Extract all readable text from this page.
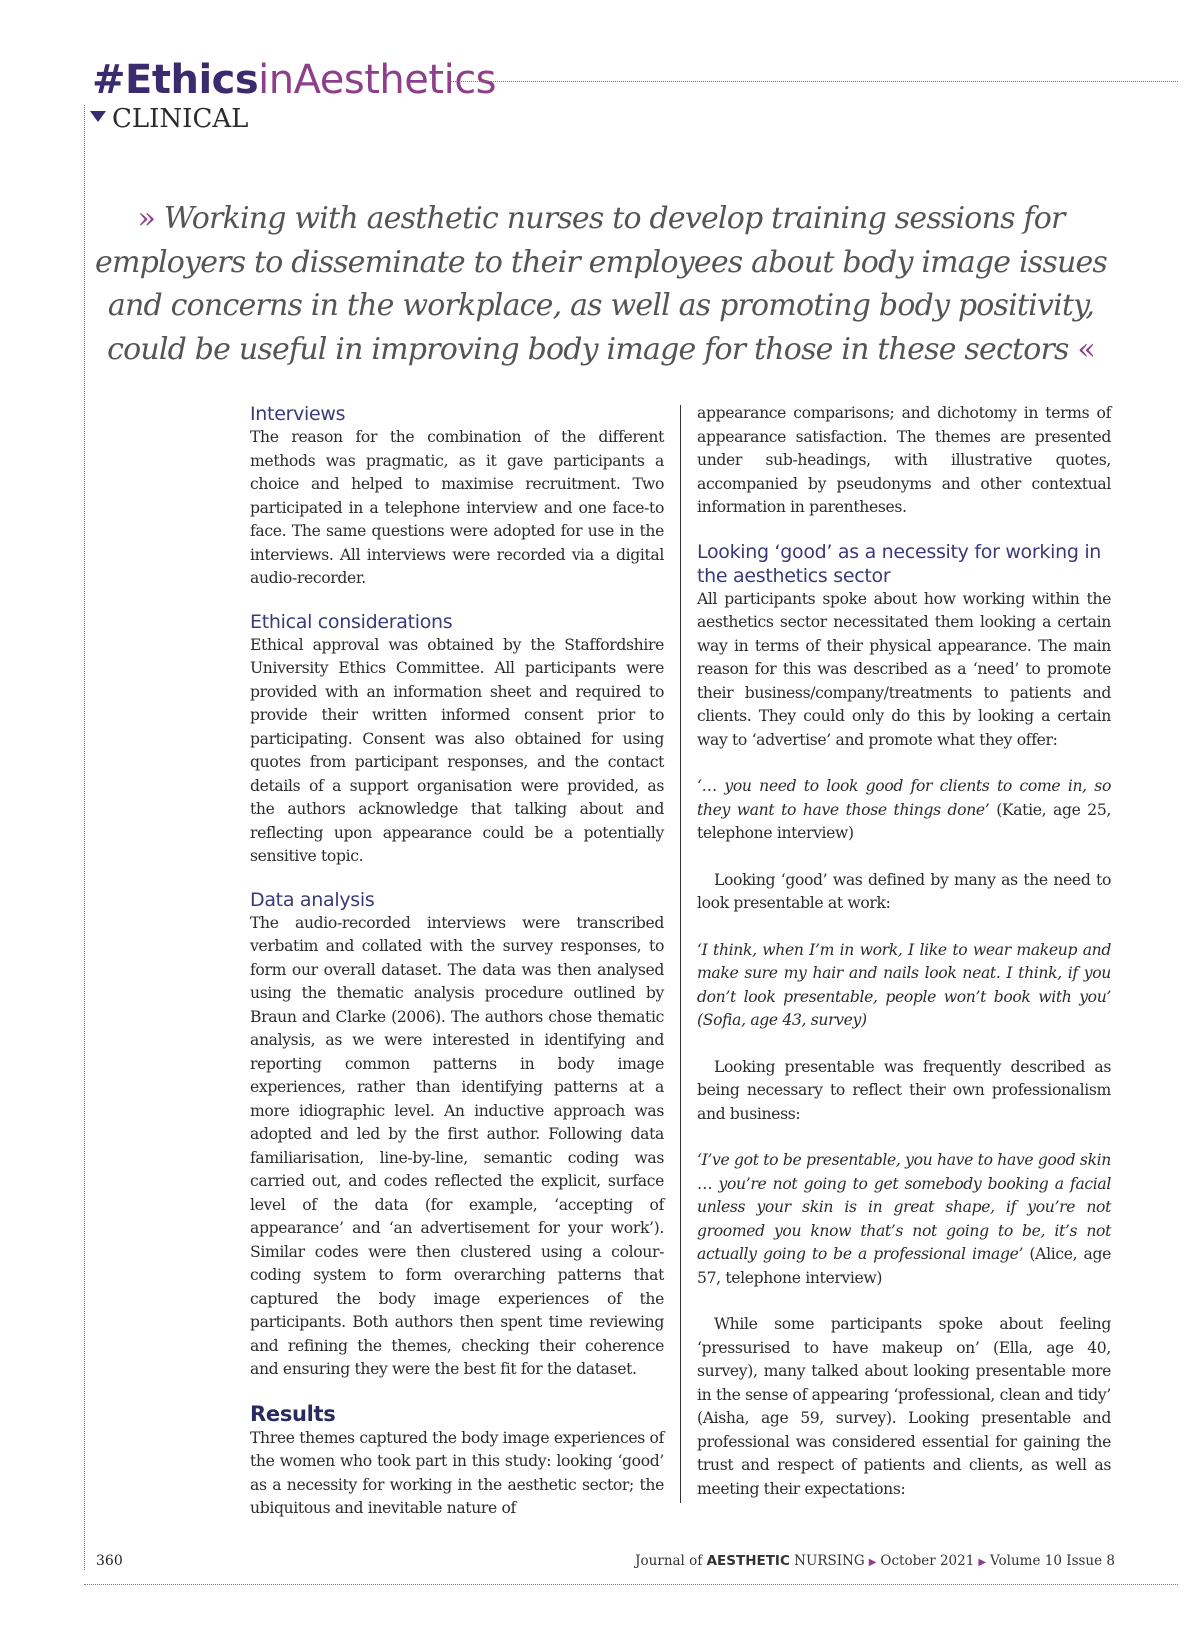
#EthicsinAesthetics
CLINICAL
» Working with aesthetic nurses to develop training sessions for employers to disseminate to their employees about body image issues and concerns in the workplace, as well as promoting body positivity, could be useful in improving body image for those in these sectors «
Interviews

The reason for the combination of the different methods was pragmatic, as it gave participants a choice and helped to maximise recruitment. Two participated in a telephone interview and one face-to face. The same questions were adopted for use in the interviews. All interviews were recorded via a digital audio-recorder.

Ethical considerations

Ethical approval was obtained by the Staffordshire University Ethics Committee. All participants were provided with an information sheet and required to provide their written informed consent prior to participating. Consent was also obtained for using quotes from participant responses, and the contact details of a support organisation were provided, as the authors acknowledge that talking about and reflecting upon appearance could be a potentially sensitive topic.

Data analysis

The audio-recorded interviews were transcribed verbatim and collated with the survey responses, to form our overall dataset. The data was then analysed using the thematic analysis procedure outlined by Braun and Clarke (2006). The authors chose thematic analysis, as we were interested in identifying and reporting common patterns in body image experiences, rather than identifying patterns at a more idiographic level. An inductive approach was adopted and led by the first author. Following data familiarisation, line-by-line, semantic coding was carried out, and codes reflected the explicit, surface level of the data (for example, ‘accepting of appearance’ and ‘an advertisement for your work’). Similar codes were then clustered using a colour-coding system to form overarching patterns that captured the body image experiences of the participants. Both authors then spent time reviewing and refining the themes, checking their coherence and ensuring they were the best fit for the dataset.

Results

Three themes captured the body image experiences of the women who took part in this study: looking ‘good’ as a necessity for working in the aesthetic sector; the ubiquitous and inevitable nature of

appearance comparisons; and dichotomy in terms of appearance satisfaction. The themes are presented under sub-headings, with illustrative quotes, accompanied by pseudonyms and other contextual information in parentheses.

Looking ‘good’ as a necessity for working in the aesthetics sector

All participants spoke about how working within the aesthetics sector necessitated them looking a certain way in terms of their physical appearance. The main reason for this was described as a ‘need’ to promote their business/company/treatments to patients and clients. They could only do this by looking a certain way to ‘advertise’ and promote what they offer:

‘… you need to look good for clients to come in, so they want to have those things done’ (Katie, age 25, telephone interview)

Looking ‘good’ was defined by many as the need to look presentable at work:

‘I think, when I’m in work, I like to wear makeup and make sure my hair and nails look neat. I think, if you don’t look presentable, people won’t book with you’ (Sofia, age 43, survey)

Looking presentable was frequently described as being necessary to reflect their own professionalism and business:

‘I’ve got to be presentable, you have to have good skin … you’re not going to get somebody booking a facial unless your skin is in great shape, if you’re not groomed you know that’s not going to be, it’s not actually going to be a professional image’ (Alice, age 57, telephone interview)

While some participants spoke about feeling ‘pressurised to have makeup on’ (Ella, age 40, survey), many talked about looking presentable more in the sense of appearing ‘professional, clean and tidy’ (Aisha, age 59, survey). Looking presentable and professional was considered essential for gaining the trust and respect of patients and clients, as well as meeting their expectations:

360	Journal of AESTHETIC NURSING ▶ October 2021 ▶ Volume 10 Issue 8
